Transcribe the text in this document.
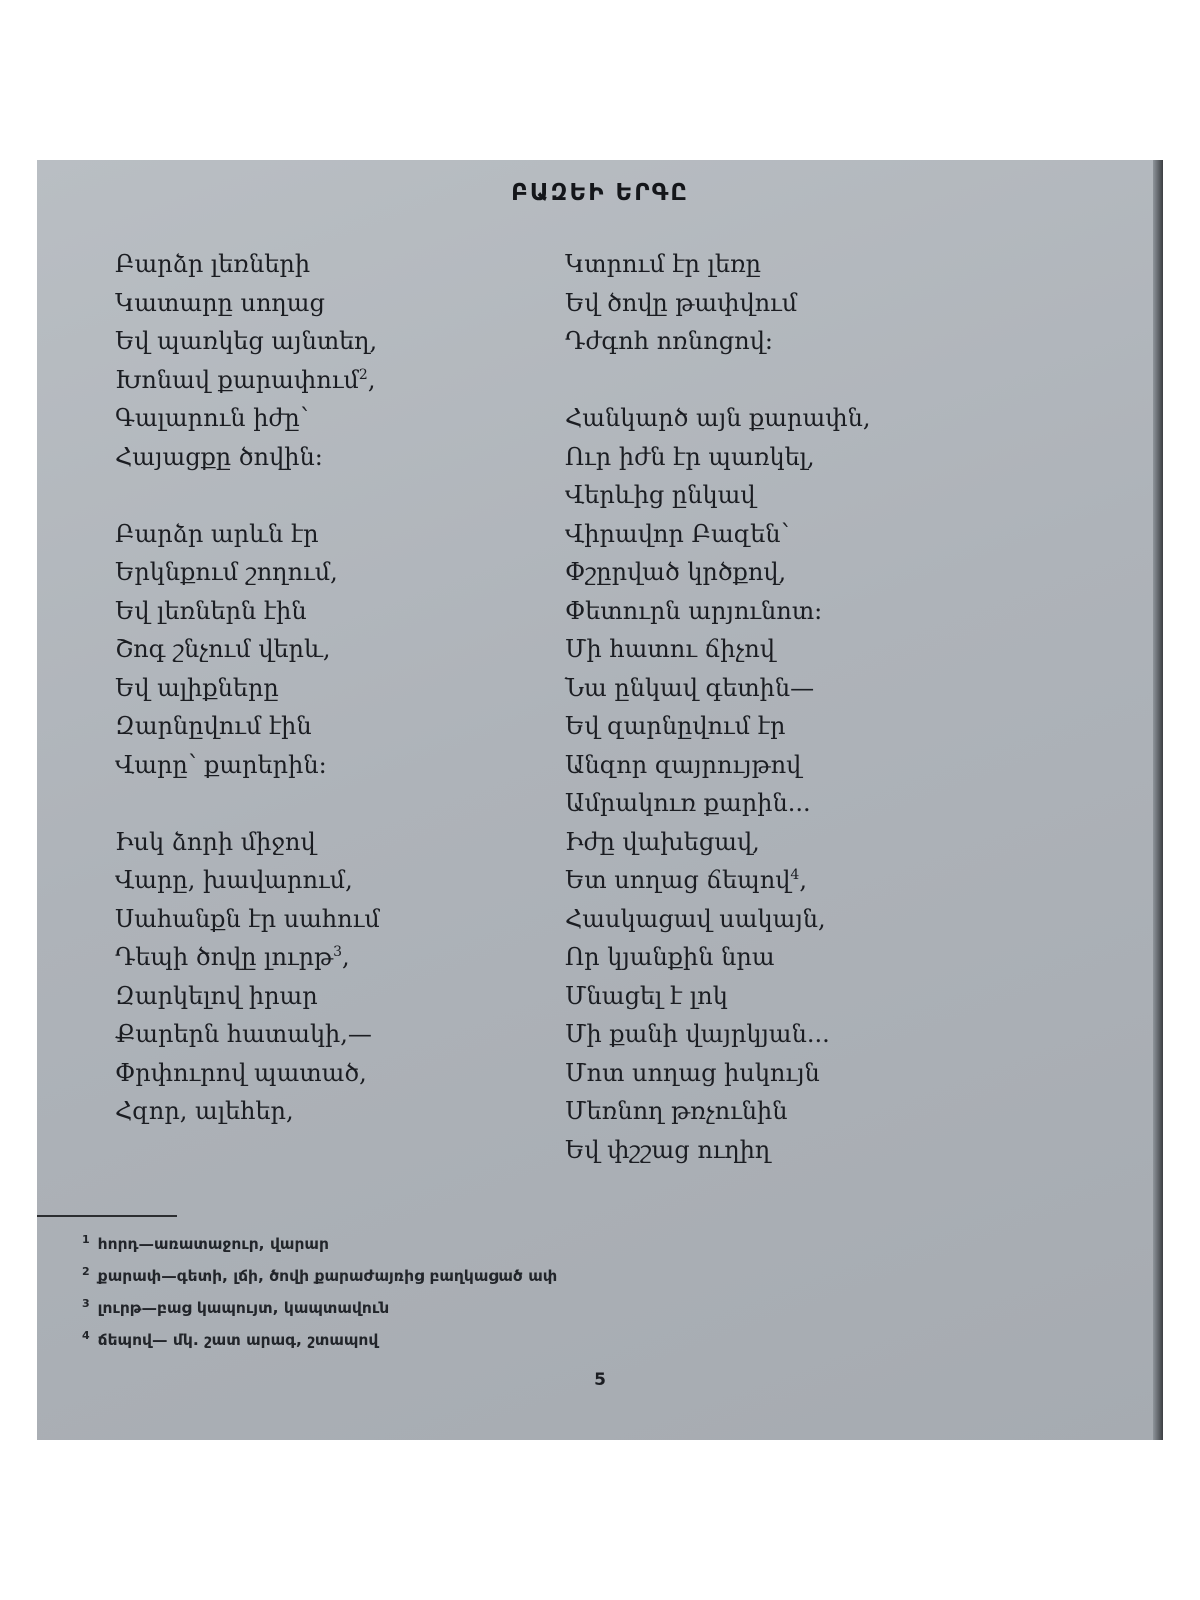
ԲԱԶԵԻ ԵՐԳԸ
Բարձր լեռների
Կատարը սողաց
Եվ պառկեց այնտեղ,
Խոնավ քարափում$^2$,
Գալարուն իժը՝
Հայացքը ծովին:
Բարձր արևն էր
Երկնքում շողում,
Եվ լեռներն էին
Շոգ շնչում վերև,
Եվ ալիքները
Զարնըվում էին
Վարը՝ քարերին:
Իսկ ձորի միջով
Վարը, խավարում,
Սահանքն էր սահում
Դեպի ծովը լուրթ$^3$,
Զարկելով իրար
Քարերն հատակի,—
Փրփուրով պատած,
Հզոր, ալեհեր,
Կտրում էր լեռը
Եվ ծովը թափվում
Դժգոհ ոռնոցով:
Հանկարծ այն քարափն,
Ուր իժն էր պառկել,
Վերևից ընկավ
Վիրավոր Բազեն՝
Փշըրված կրծքով,
Փետուրն արյունոտ:
Մի հատու ճիչով
Նա ընկավ գետին—
Եվ զարնըվում էր
Անզոր զայրույթով
Ամրակուռ քարին...
Իժը վախեցավ,
Ետ սողաց ճեպով$^4$,
Հասկացավ սակայն,
Որ կյանքին նրա
Մնացել է լոկ
Մի քանի վայրկյան...
Մոտ սողաց իսկույն
Մեռնող թռչունին
Եվ փշշաց ուղիղ
$^1$ հորդ—առատաջուր, վարար
$^2$ քարափ—գետի, լճի, ծովի քարաժայռից բաղկացած ափ
$^3$ լուրթ—բաց կապույտ, կապտավուն
$^4$ ճեպով— մկ. շատ արագ, շտապով
5
